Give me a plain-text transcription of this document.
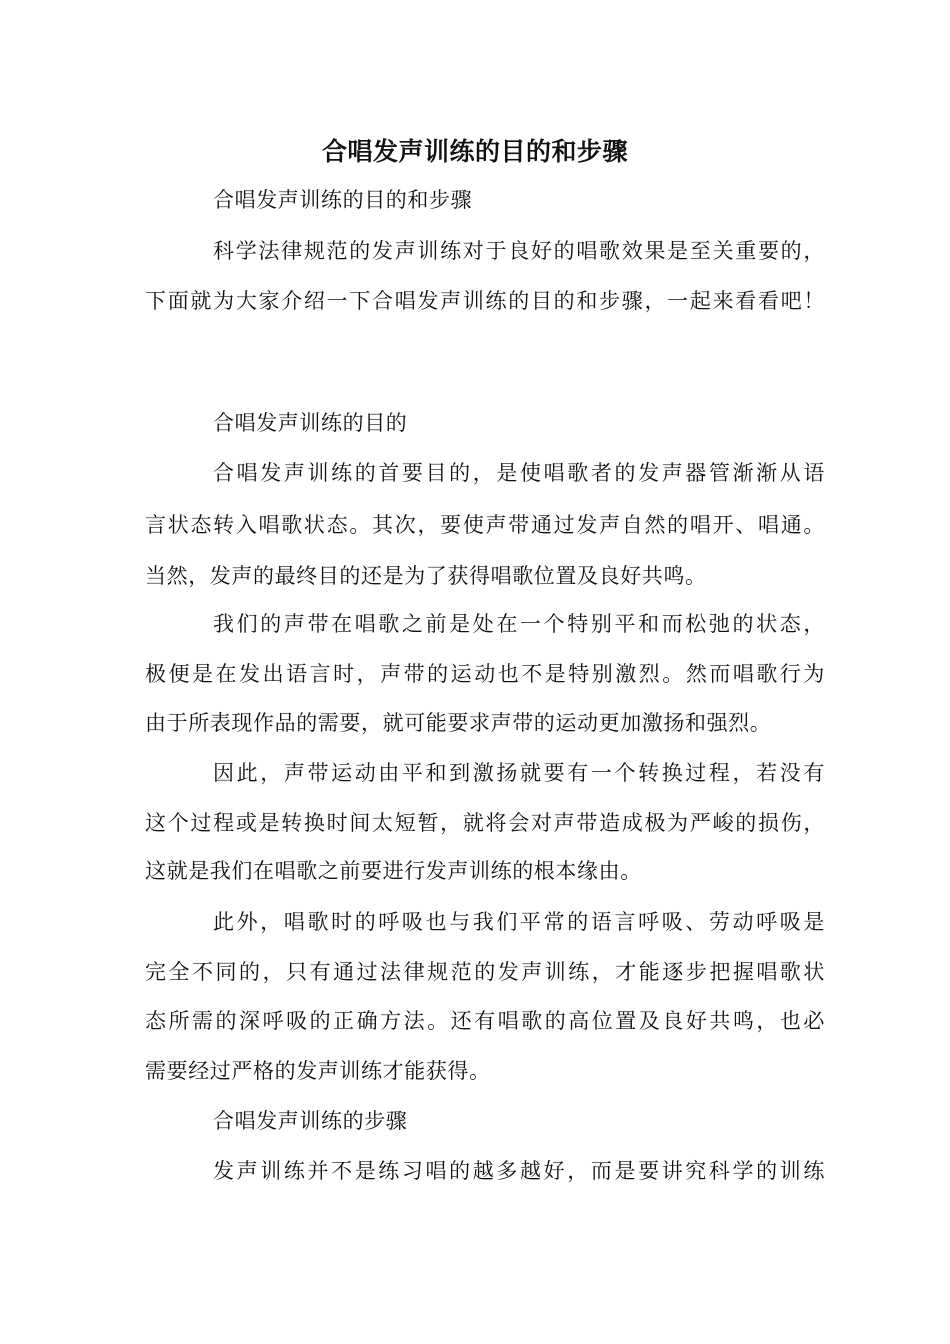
合唱发声训练的目的和步骤
合唱发声训练的目的和步骤
科学法律规范的发声训练对于良好的唱歌效果是至关重要的，
下面就为大家介绍一下合唱发声训练的目的和步骤，一起来看看吧！
合唱发声训练的目的
合唱发声训练的首要目的，是使唱歌者的发声器管渐渐从语
言状态转入唱歌状态。其次，要使声带通过发声自然的唱开、唱通。
当然，发声的最终目的还是为了获得唱歌位置及良好共鸣。
我们的声带在唱歌之前是处在一个特别平和而松弛的状态，
极便是在发出语言时，声带的运动也不是特别激烈。然而唱歌行为
由于所表现作品的需要，就可能要求声带的运动更加激扬和强烈。
因此，声带运动由平和到激扬就要有一个转换过程，若没有
这个过程或是转换时间太短暂，就将会对声带造成极为严峻的损伤，
这就是我们在唱歌之前要进行发声训练的根本缘由。
此外，唱歌时的呼吸也与我们平常的语言呼吸、劳动呼吸是
完全不同的，只有通过法律规范的发声训练，才能逐步把握唱歌状
态所需的深呼吸的正确方法。还有唱歌的高位置及良好共鸣，也必
需要经过严格的发声训练才能获得。
合唱发声训练的步骤
发声训练并不是练习唱的越多越好，而是要讲究科学的训练
